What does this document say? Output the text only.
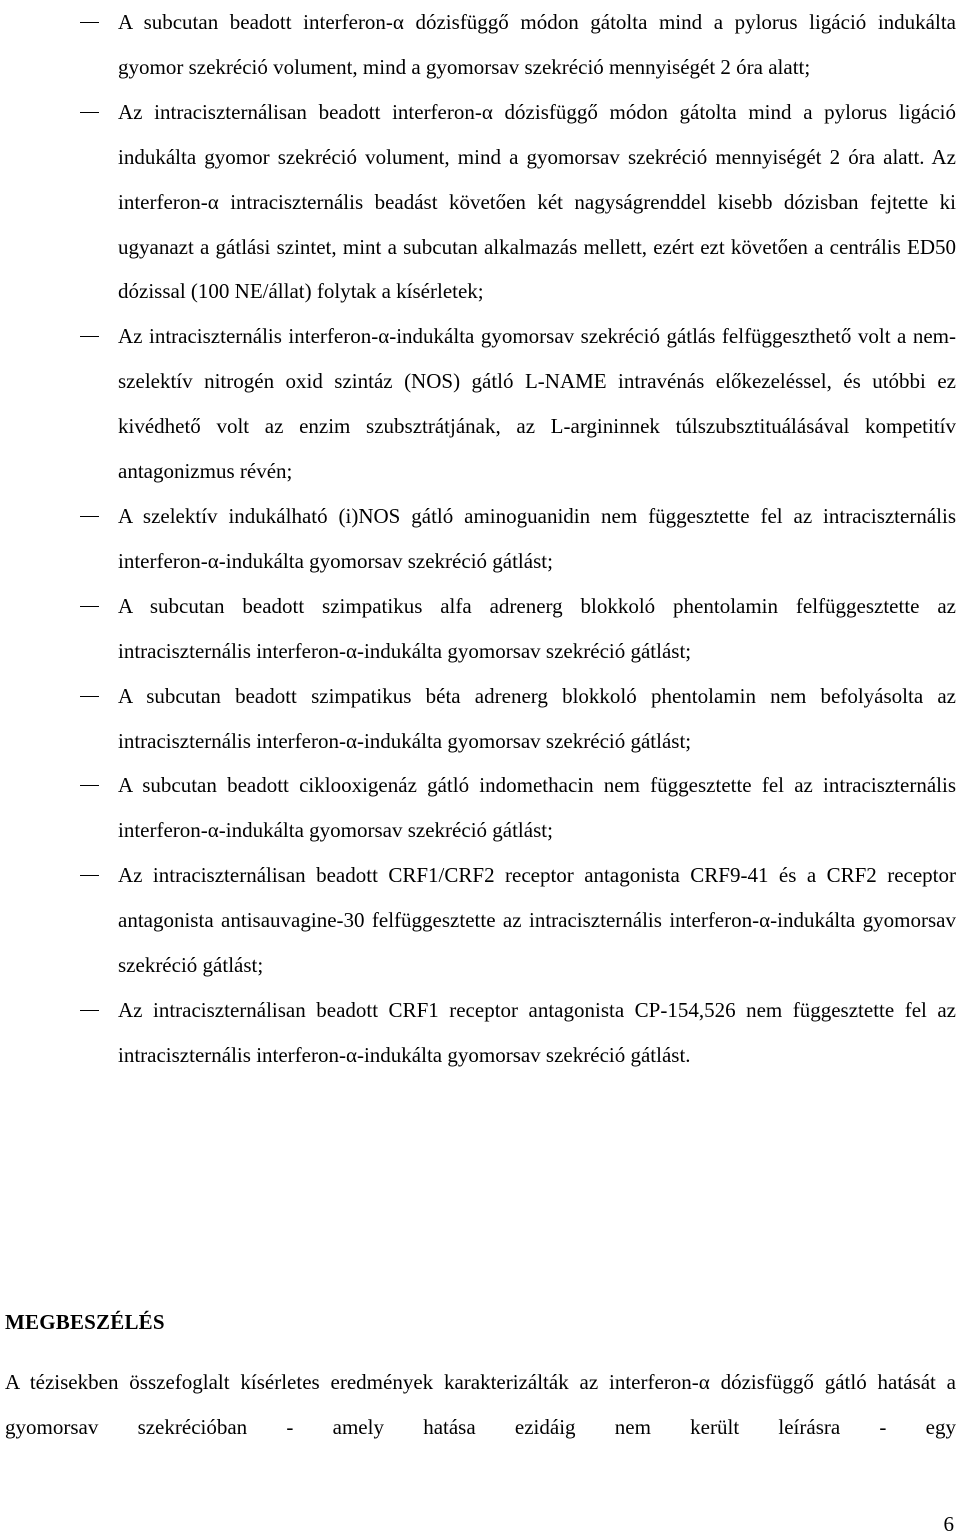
A subcutan beadott interferon-α dózisfüggő módon gátolta mind a pylorus ligáció indukálta gyomor szekréció volument, mind a gyomorsav szekréció mennyiségét 2 óra alatt;
Az intraciszternálisan beadott interferon-α dózisfüggő módon gátolta mind a pylorus ligáció indukálta gyomor szekréció volument, mind a gyomorsav szekréció mennyiségét 2 óra alatt. Az interferon-α intraciszternális beadást követően két nagyságrenddel kisebb dózisban fejtette ki ugyanazt a gátlási szintet, mint a subcutan alkalmazás mellett, ezért ezt követően a centrális ED50 dózissal (100 NE/állat) folytak a kísérletek;
Az intraciszternális interferon-α-indukálta gyomorsav szekréció gátlás felfüggeszthető volt a nem-szelektív nitrogén oxid szintáz (NOS) gátló L-NAME intravénás előkezeléssel, és utóbbi ez kivédhető volt az enzim szubsztrátjának, az L-argininnek túlszubsztituálásával kompetitív antagonizmus révén;
A szelektív indukálható (i)NOS gátló aminoguanidin nem függesztette fel az intraciszternális interferon-α-indukálta gyomorsav szekréció gátlást;
A subcutan beadott szimpatikus alfa adrenerg blokkoló phentolamin felfüggesztette az intraciszternális interferon-α-indukálta gyomorsav szekréció gátlást;
A subcutan beadott szimpatikus béta adrenerg blokkoló phentolamin nem befolyásolta az intraciszternális interferon-α-indukálta gyomorsav szekréció gátlást;
A subcutan beadott ciklooxigenáz gátló indomethacin nem függesztette fel az intraciszternális interferon-α-indukálta gyomorsav szekréció gátlást;
Az intraciszternálisan beadott CRF1/CRF2 receptor antagonista CRF9-41 és a CRF2 receptor antagonista antisauvagine-30 felfüggesztette az intraciszternális interferon-α-indukálta gyomorsav szekréció gátlást;
Az intraciszternálisan beadott CRF1 receptor antagonista CP-154,526 nem függesztette fel az intraciszternális interferon-α-indukálta gyomorsav szekréció gátlást.
MEGBESZÉLÉS

A tézisekben összefoglalt kísérletes eredmények karakterizálták az interferon-α dózisfüggő gátló hatását a gyomorsav szekrécióban - amely hatása ezidáig nem került leírásra - egy

6
